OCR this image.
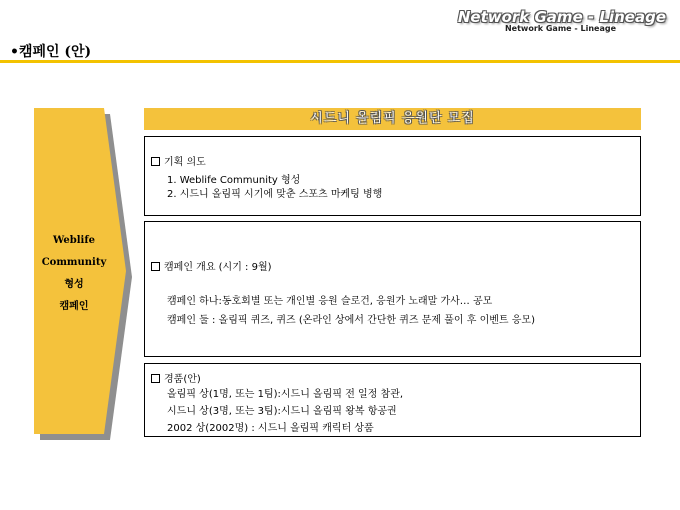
Network Game - Lineage
Network Game - Lineage
•캠페인 (안)
Weblife
Community
형성
캠페인
시드니 올림픽 응원단 모집
기획 의도
1. Weblife Community 형성
2. 시드니 올림픽 시기에 맞춘 스포츠 마케팅 병행
캠페인 개요 (시기 : 9월)
캠페인 하나:동호회별 또는 개인별 응원 슬로건, 응원가 노래말 가사… 공모
캠페인 둘 : 올림픽 퀴즈, 퀴즈 (온라인 상에서 간단한 퀴즈 문제 풀이 후 이벤트 응모)
경품(안)
올림픽 상(1명, 또는 1팀):시드니 올림픽 전 일정 참관,
시드니 상(3명, 또는 3팀):시드니 올림픽 왕복 항공권
2002 상(2002명) : 시드니 올림픽 캐릭터 상품
